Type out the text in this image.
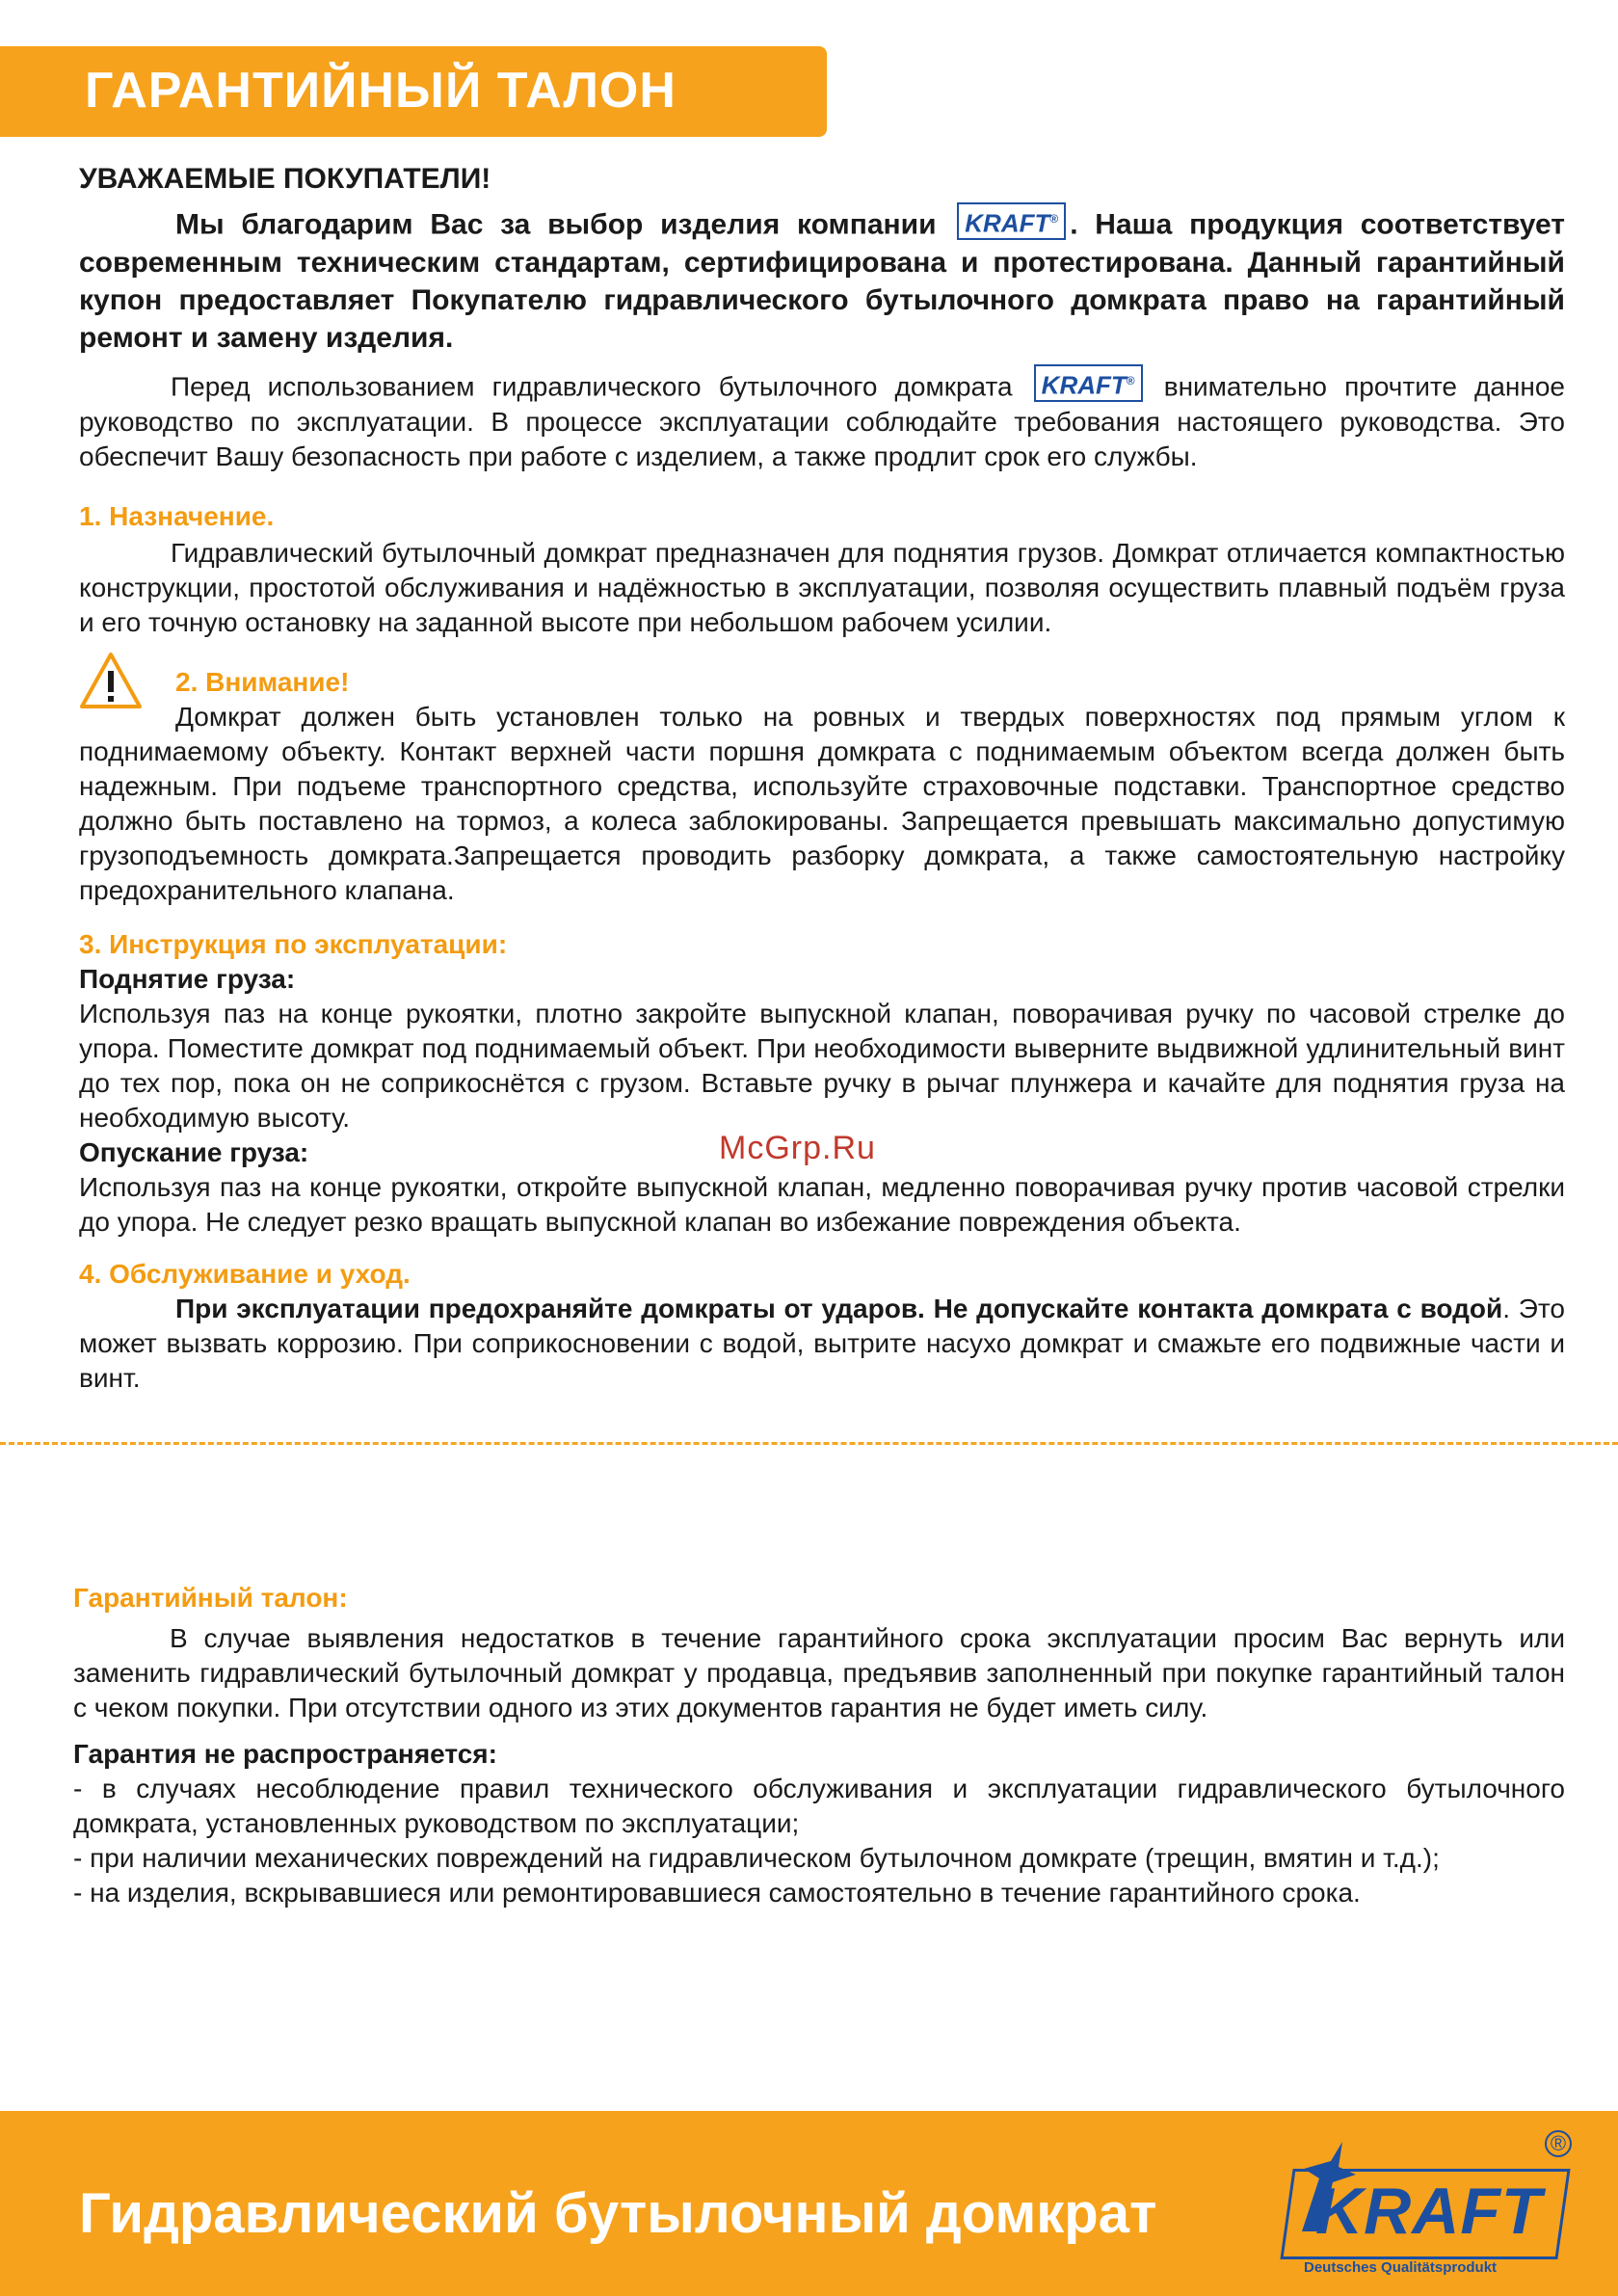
ГАРАНТИЙНЫЙ ТАЛОН

УВАЖАЕМЫЕ ПОКУПАТЕЛИ!

Мы благодарим Вас за выбор изделия компании KRAFT® . Наша продукция соответствует современным техническим стандартам, сертифицирована и протестирована. Данный гарантийный купон предоставляет Покупателю гидравлического бутылочного домкрата право на гарантийный ремонт и замену изделия.

Перед использованием гидравлического бутылочного домкрата KRAFT® внимательно прочтите данное руководство по эксплуатации. В процессе эксплуатации соблюдайте требования настоящего руководства. Это обеспечит Вашу безопасность при работе с изделием, а также продлит срок его службы.

1. Назначение.

Гидравлический бутылочный домкрат предназначен для поднятия грузов. Домкрат отличается компактностью конструкции, простотой обслуживания и надёжностью в эксплуатации, позволяя осуществить плавный подъём груза и его точную остановку на заданной высоте при небольшом рабочем усилии.

2. Внимание!

Домкрат должен быть установлен только на ровных и твердых поверхностях под прямым углом к поднимаемому объекту. Контакт верхней части поршня домкрата с поднимаемым объектом всегда должен быть надежным. При подъеме транспортного средства, используйте страховочные подставки. Транспортное средство должно быть поставлено на тормоз, а колеса заблокированы. Запрещается превышать максимально допустимую грузоподъемность домкрата.Запрещается проводить разборку домкрата, а также самостоятельную настройку предохранительного клапана.

3. Инструкция по эксплуатации:

Поднятие груза:

Используя паз на конце рукоятки, плотно закройте выпускной клапан, поворачивая ручку по часовой стрелке до упора. Поместите домкрат под поднимаемый объект. При необходимости выверните выдвижной удлинительный винт до тех пор, пока он не соприкоснётся с грузом. Вставьте ручку в рычаг плунжера и качайте для поднятия груза на необходимую высоту.

Опускание груза:

Используя паз на конце рукоятки, откройте выпускной клапан, медленно поворачивая ручку против часовой стрелки до упора. Не следует резко вращать выпускной клапан во избежание повреждения объекта.

McGrp.Ru

4. Обслуживание и уход.

При эксплуатации предохраняйте домкраты от ударов. Не допускайте контакта домкрата с водой. Это может вызвать коррозию. При соприкосновении с водой, вытрите насухо домкрат и смажьте его подвижные части и винт.

Гарантийный талон:

В случае выявления недостатков в течение гарантийного срока эксплуатации просим Вас вернуть или заменить гидравлический бутылочный домкрат у продавца, предъявив заполненный при покупке гарантийный талон с чеком покупки. При отсутствии одного из этих документов гарантия не будет иметь силу.

Гарантия не распространяется:

- в случаях несоблюдение правил технического обслуживания и эксплуатации гидравлического бутылочного домкрата, установленных руководством по эксплуатации;

- при наличии механических повреждений на гидравлическом бутылочном домкрате (трещин, вмятин и т.д.);

- на изделия, вскрывавшиеся или ремонтировавшиеся самостоятельно в течение гарантийного срока.

Гидравлический бутылочный домкрат KRAFT
Deutsches Qualitätsprodukt
®
